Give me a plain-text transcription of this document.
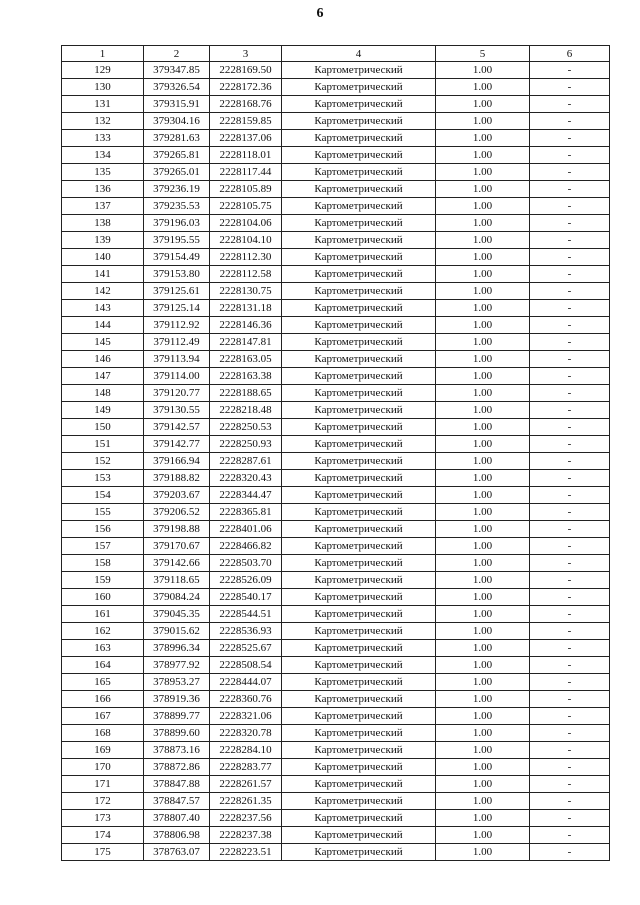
6
1	2	3	4	5	6
129	379347.85	2228169.50	Картометрический	1.00	-
130	379326.54	2228172.36	Картометрический	1.00	-
131	379315.91	2228168.76	Картометрический	1.00	-
132	379304.16	2228159.85	Картометрический	1.00	-
133	379281.63	2228137.06	Картометрический	1.00	-
134	379265.81	2228118.01	Картометрический	1.00	-
135	379265.01	2228117.44	Картометрический	1.00	-
136	379236.19	2228105.89	Картометрический	1.00	-
137	379235.53	2228105.75	Картометрический	1.00	-
138	379196.03	2228104.06	Картометрический	1.00	-
139	379195.55	2228104.10	Картометрический	1.00	-
140	379154.49	2228112.30	Картометрический	1.00	-
141	379153.80	2228112.58	Картометрический	1.00	-
142	379125.61	2228130.75	Картометрический	1.00	-
143	379125.14	2228131.18	Картометрический	1.00	-
144	379112.92	2228146.36	Картометрический	1.00	-
145	379112.49	2228147.81	Картометрический	1.00	-
146	379113.94	2228163.05	Картометрический	1.00	-
147	379114.00	2228163.38	Картометрический	1.00	-
148	379120.77	2228188.65	Картометрический	1.00	-
149	379130.55	2228218.48	Картометрический	1.00	-
150	379142.57	2228250.53	Картометрический	1.00	-
151	379142.77	2228250.93	Картометрический	1.00	-
152	379166.94	2228287.61	Картометрический	1.00	-
153	379188.82	2228320.43	Картометрический	1.00	-
154	379203.67	2228344.47	Картометрический	1.00	-
155	379206.52	2228365.81	Картометрический	1.00	-
156	379198.88	2228401.06	Картометрический	1.00	-
157	379170.67	2228466.82	Картометрический	1.00	-
158	379142.66	2228503.70	Картометрический	1.00	-
159	379118.65	2228526.09	Картометрический	1.00	-
160	379084.24	2228540.17	Картометрический	1.00	-
161	379045.35	2228544.51	Картометрический	1.00	-
162	379015.62	2228536.93	Картометрический	1.00	-
163	378996.34	2228525.67	Картометрический	1.00	-
164	378977.92	2228508.54	Картометрический	1.00	-
165	378953.27	2228444.07	Картометрический	1.00	-
166	378919.36	2228360.76	Картометрический	1.00	-
167	378899.77	2228321.06	Картометрический	1.00	-
168	378899.60	2228320.78	Картометрический	1.00	-
169	378873.16	2228284.10	Картометрический	1.00	-
170	378872.86	2228283.77	Картометрический	1.00	-
171	378847.88	2228261.57	Картометрический	1.00	-
172	378847.57	2228261.35	Картометрический	1.00	-
173	378807.40	2228237.56	Картометрический	1.00	-
174	378806.98	2228237.38	Картометрический	1.00	-
175	378763.07	2228223.51	Картометрический	1.00	-
